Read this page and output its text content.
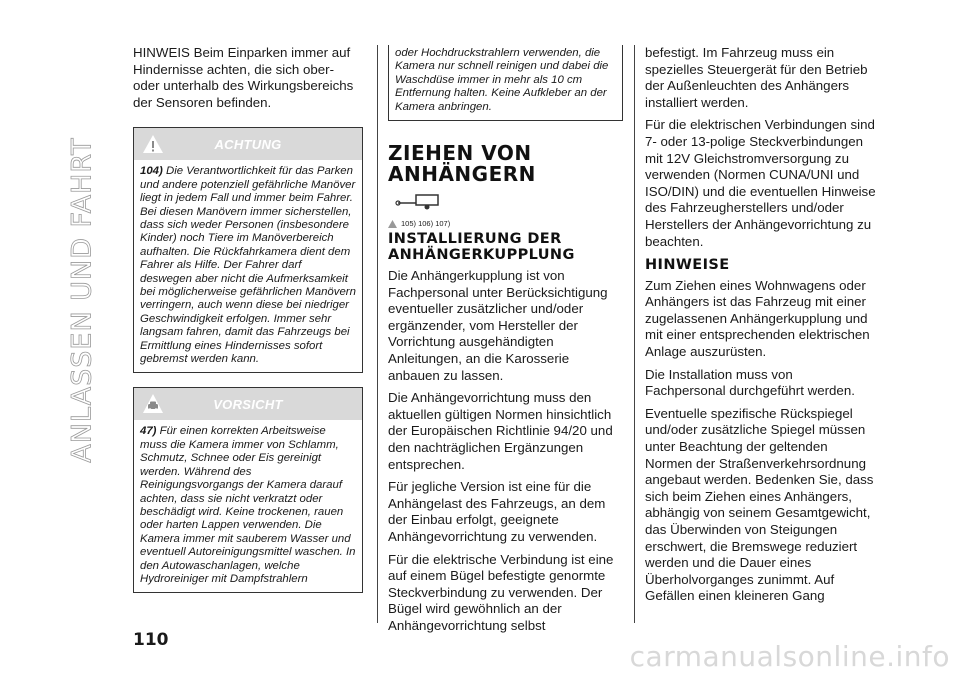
ANLASSEN UND FAHRT

HINWEIS Beim Einparken immer auf Hindernisse achten, die sich ober- oder unterhalb des Wirkungsbereichs der Sensoren befinden.

ACHTUNG
104) Die Verantwortlichkeit für das Parken und andere potenziell gefährliche Manöver liegt in jedem Fall und immer beim Fahrer. Bei diesen Manövern immer sicherstellen, dass sich weder Personen (insbesondere Kinder) noch Tiere im Manöverbereich aufhalten. Die Rückfahrkamera dient dem Fahrer als Hilfe. Der Fahrer darf deswegen aber nicht die Aufmerksamkeit bei möglicherweise gefährlichen Manövern verringern, auch wenn diese bei niedriger Geschwindigkeit erfolgen. Immer sehr langsam fahren, damit das Fahrzeugs bei Ermittlung eines Hindernisses sofort gebremst werden kann.
VORSICHT
47) Für einen korrekten Arbeitsweise muss die Kamera immer von Schlamm, Schmutz, Schnee oder Eis gereinigt werden. Während des Reinigungsvorgangs der Kamera darauf achten, dass sie nicht verkratzt oder beschädigt wird. Keine trockenen, rauen oder harten Lappen verwenden. Die Kamera immer mit sauberem Wasser und eventuell Autoreinigungsmittel waschen. In den Autowaschanlagen, welche Hydroreiniger mit Dampfstrahlern
oder Hochdruckstrahlern verwenden, die Kamera nur schnell reinigen und dabei die Waschdüse immer in mehr als 10 cm Entfernung halten. Keine Aufkleber an der Kamera anbringen.
ZIEHEN VON ANHÄNGERN
105) 106) 107)
INSTALLIERUNG DER ANHÄNGERKUPPLUNG

Die Anhängerkupplung ist von Fachpersonal unter Berücksichtigung eventueller zusätzlicher und/oder ergänzender, vom Hersteller der Vorrichtung ausgehändigten Anleitungen, an die Karosserie anbauen zu lassen.

Die Anhängevorrichtung muss den aktuellen gültigen Normen hinsichtlich der Europäischen Richtlinie 94/20 und den nachträglichen Ergänzungen entsprechen.

Für jegliche Version ist eine für die Anhängelast des Fahrzeugs, an dem der Einbau erfolgt, geeignete Anhängevorrichtung zu verwenden.

Für die elektrische Verbindung ist eine auf einem Bügel befestigte genormte Steckverbindung zu verwenden. Der Bügel wird gewöhnlich an der Anhängevorrichtung selbst

befestigt. Im Fahrzeug muss ein spezielles Steuergerät für den Betrieb der Außenleuchten des Anhängers installiert werden.

Für die elektrischen Verbindungen sind 7- oder 13-polige Steckverbindungen mit 12V Gleichstromversorgung zu verwenden (Normen CUNA/UNI und ISO/DIN) und die eventuellen Hinweise des Fahrzeugherstellers und/oder Herstellers der Anhängevorrichtung zu beachten.

HINWEISE

Zum Ziehen eines Wohnwagens oder Anhängers ist das Fahrzeug mit einer zugelassenen Anhängerkupplung und mit einer entsprechenden elektrischen Anlage auszurüsten.

Die Installation muss von Fachpersonal durchgeführt werden.

Eventuelle spezifische Rückspiegel und/oder zusätzliche Spiegel müssen unter Beachtung der geltenden Normen der Straßenverkehrsordnung angebaut werden. Bedenken Sie, dass sich beim Ziehen eines Anhängers, abhängig von seinem Gesamtgewicht, das Überwinden von Steigungen erschwert, die Bremswege reduziert werden und die Dauer eines Überholvorganges zunimmt. Auf Gefällen einen kleineren Gang

110	carmanualsonline.info
